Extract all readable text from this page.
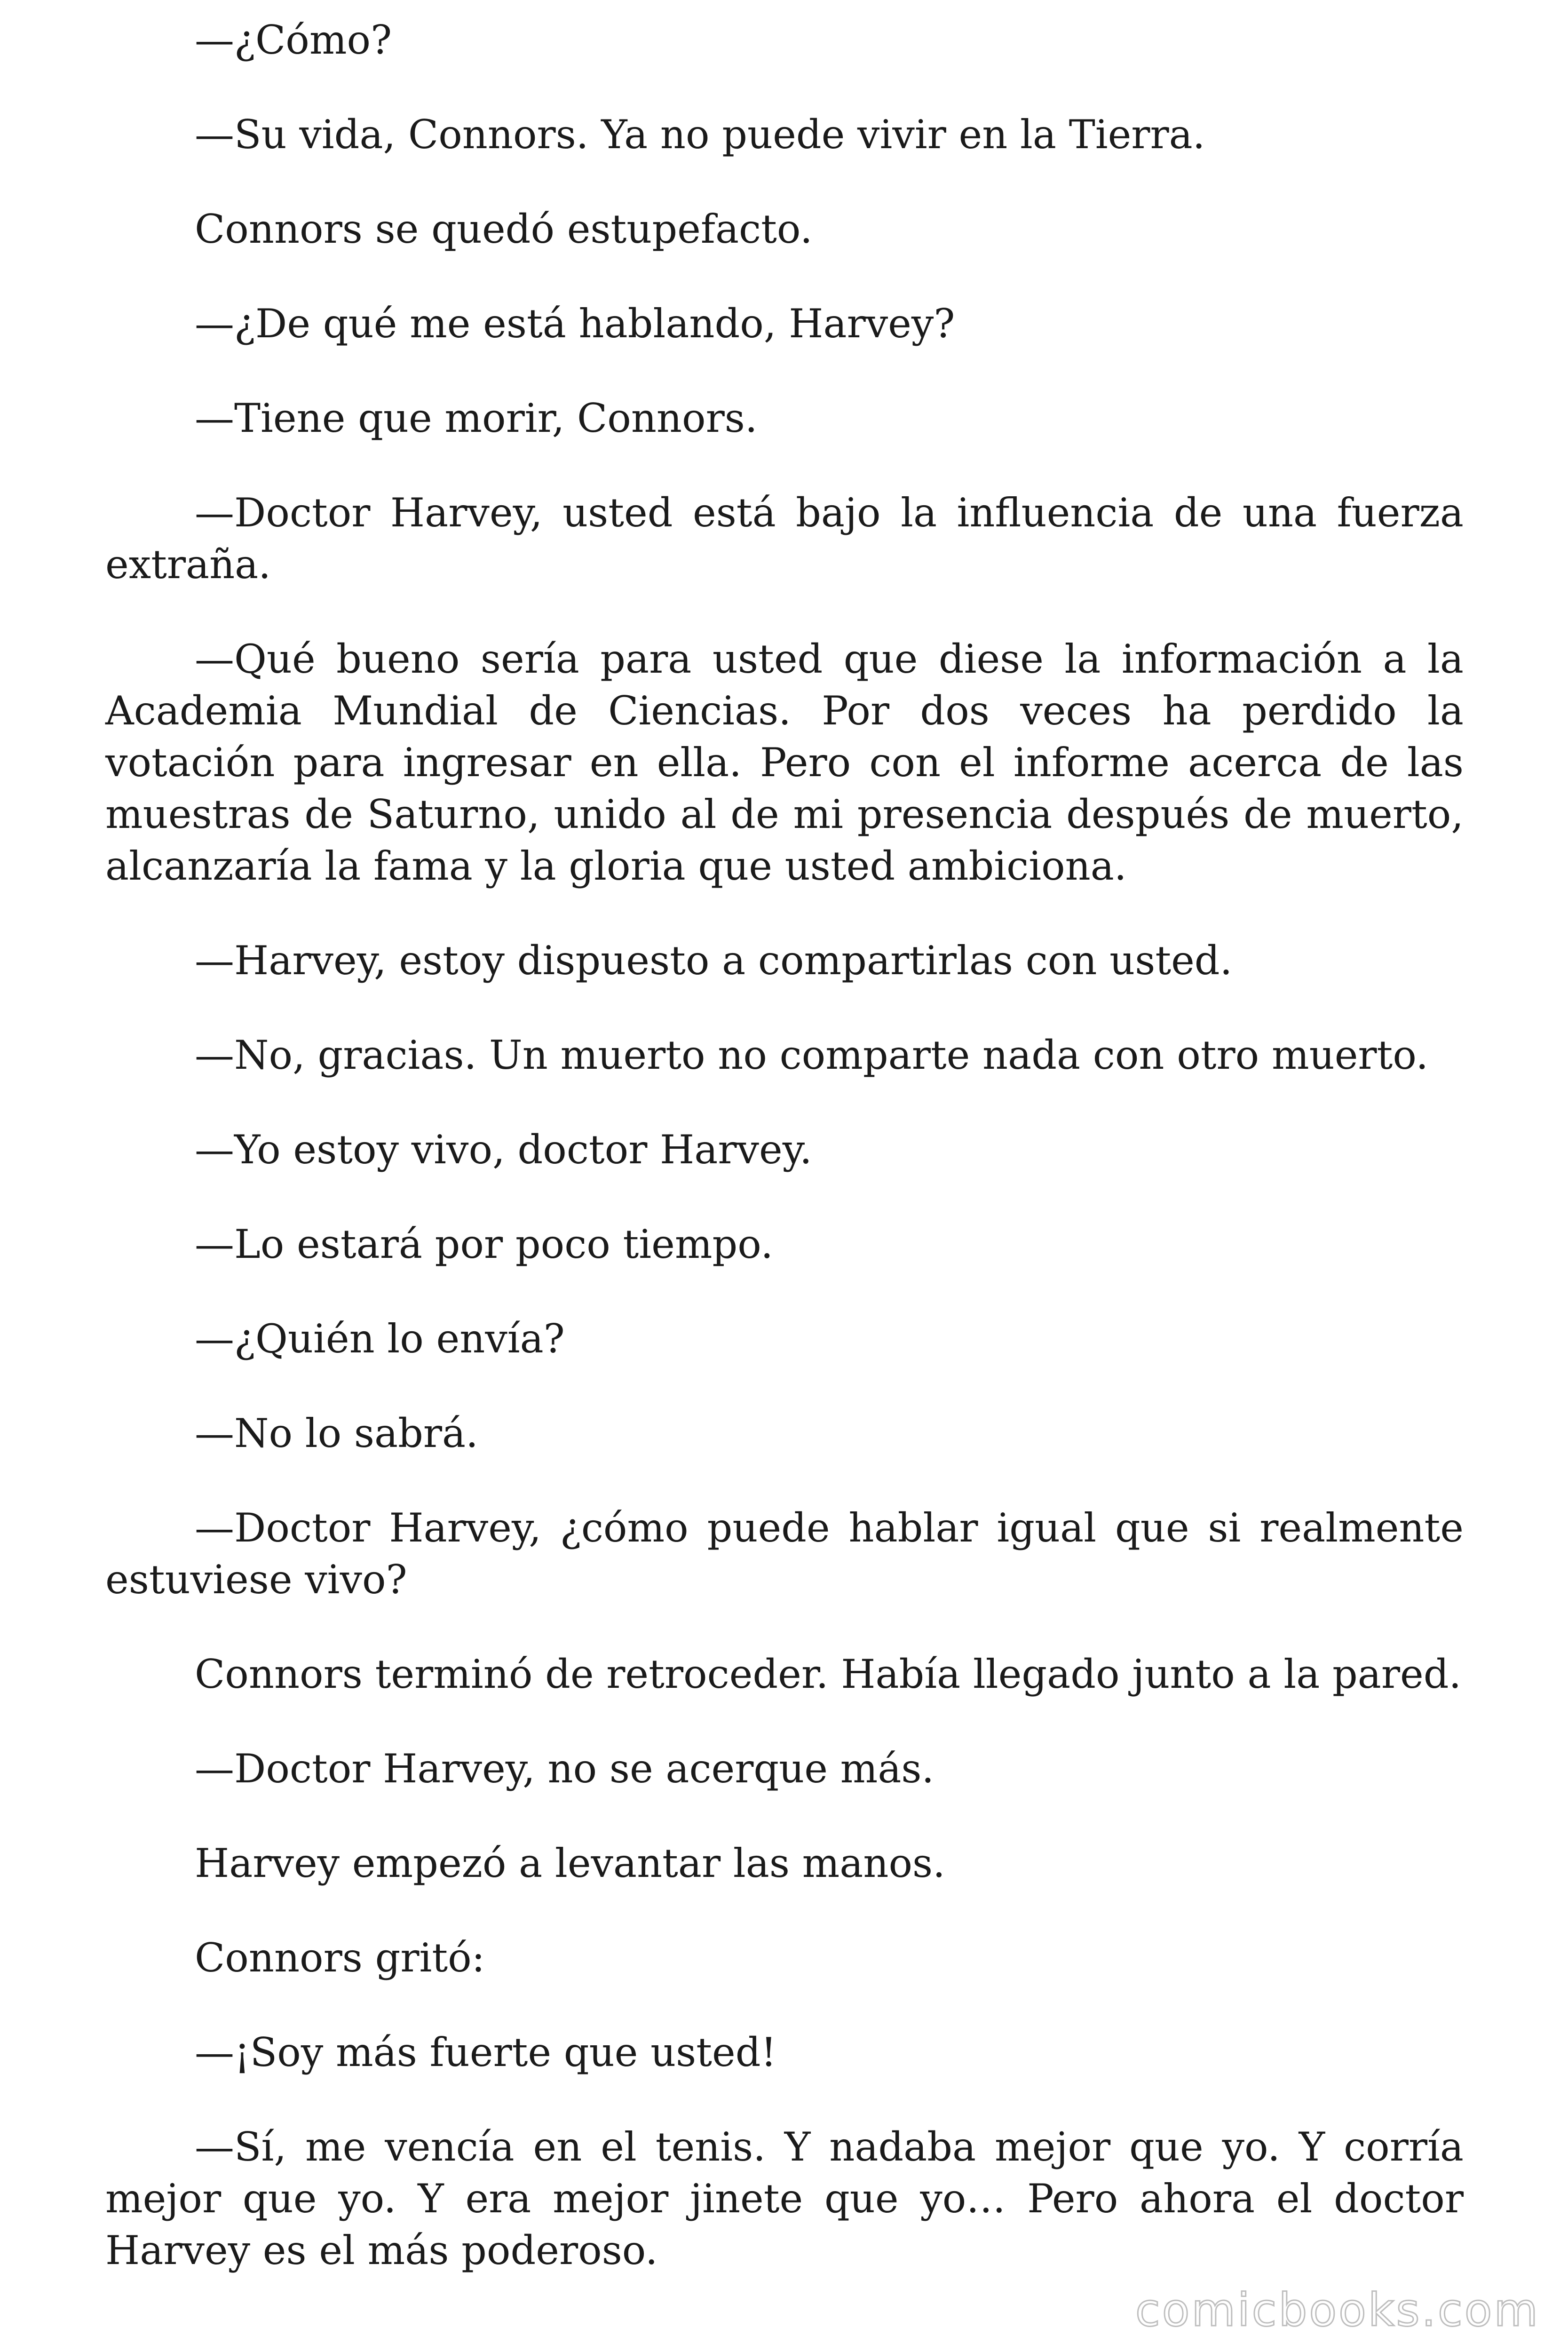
—¿Cómo?

—Su vida, Connors. Ya no puede vivir en la Tierra.

Connors se quedó estupefacto.

—¿De qué me está hablando, Harvey?

—Tiene que morir, Connors.

—Doctor Harvey, usted está bajo la influencia de una fuerza extraña.

—Qué bueno sería para usted que diese la información a la Academia Mundial de Ciencias. Por dos veces ha perdido la votación para ingresar en ella. Pero con el informe acerca de las muestras de Saturno, unido al de mi presencia después de muerto, alcanzaría la fama y la gloria que usted ambiciona.

—Harvey, estoy dispuesto a compartirlas con usted.

—No, gracias. Un muerto no comparte nada con otro muerto.

—Yo estoy vivo, doctor Harvey.

—Lo estará por poco tiempo.

—¿Quién lo envía?

—No lo sabrá.

—Doctor Harvey, ¿cómo puede hablar igual que si realmente estuviese vivo?

Connors terminó de retroceder. Había llegado junto a la pared.

—Doctor Harvey, no se acerque más.

Harvey empezó a levantar las manos.

Connors gritó:

—¡Soy más fuerte que usted!

—Sí, me vencía en el tenis. Y nadaba mejor que yo. Y corría mejor que yo. Y era mejor jinete que yo… Pero ahora el doctor Harvey es el más poderoso.

comicbooks.com
